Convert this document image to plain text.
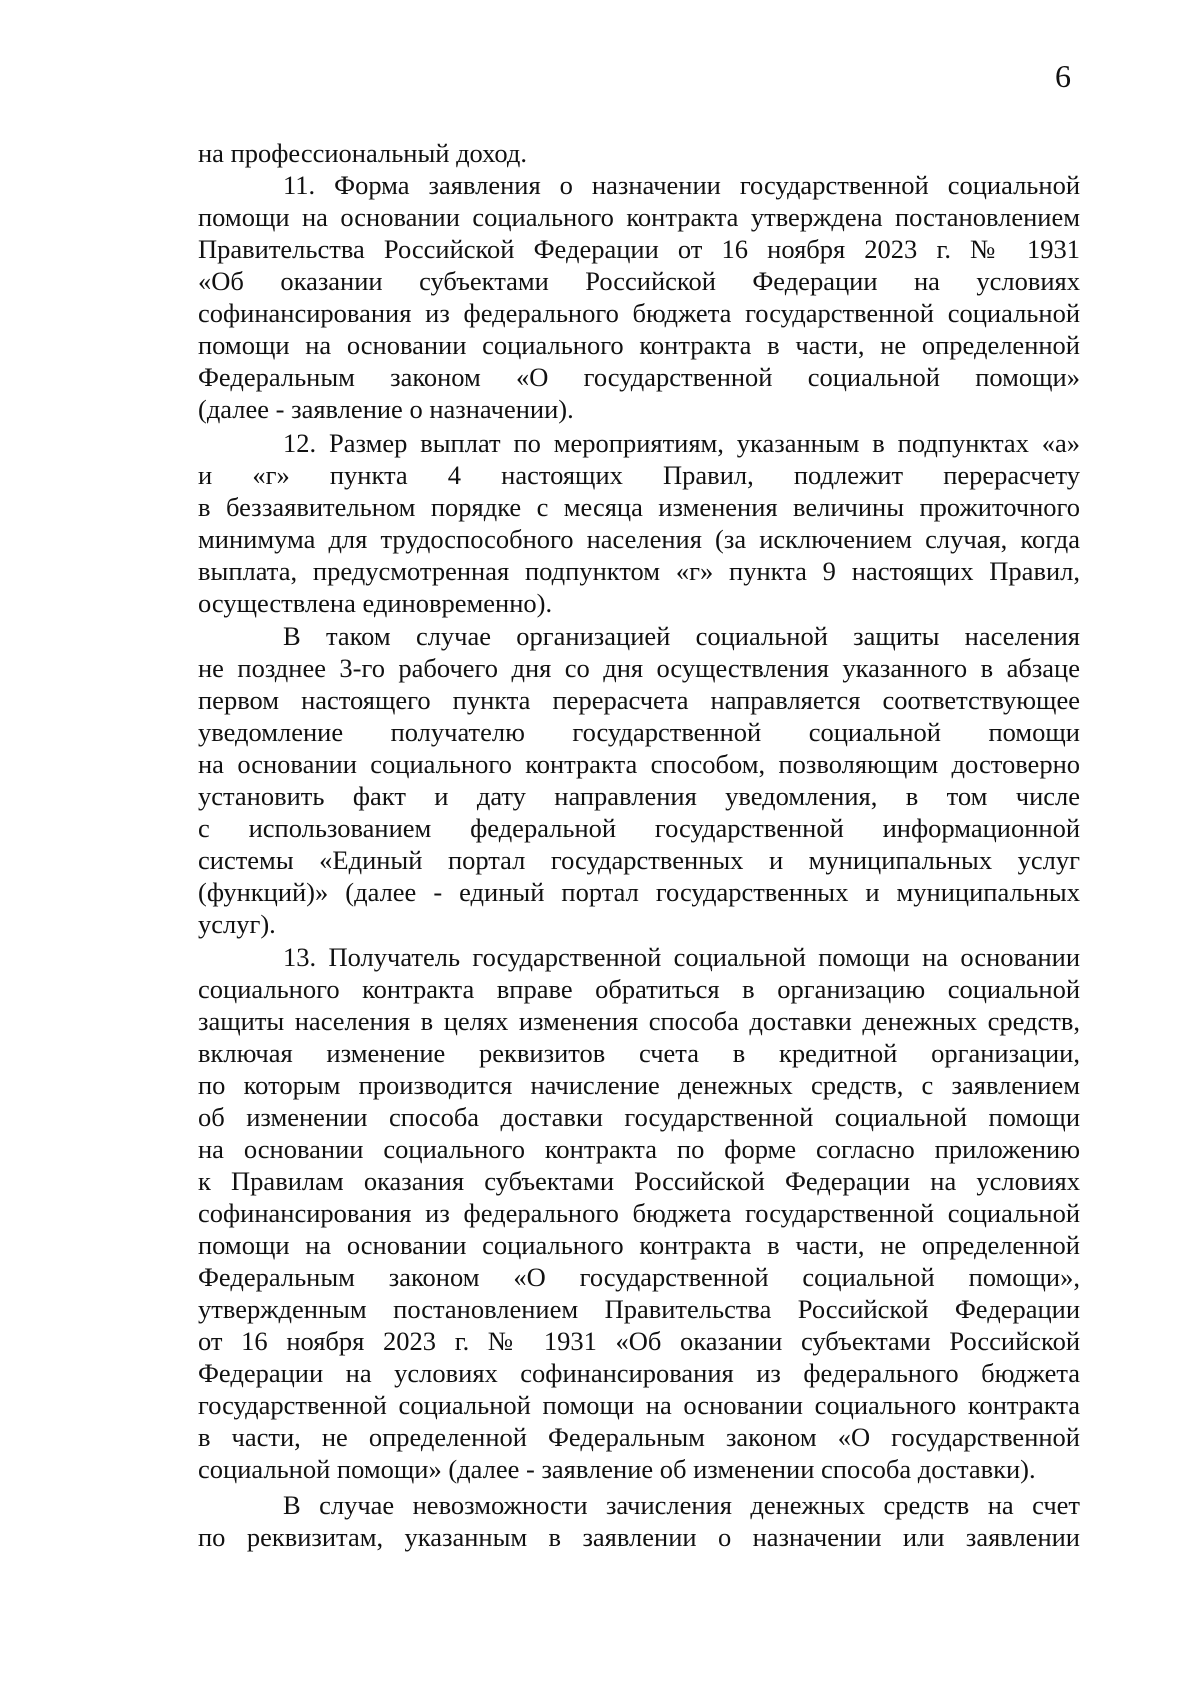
6
на профессиональный доход.
11. Форма заявления о назначении государственной социальной
помощи на основании социального контракта утверждена постановлением
Правительства Российской Федерации от 16 ноября 2023 г. № 1931
«Об оказании субъектами Российской Федерации на условиях
софинансирования из федерального бюджета государственной социальной
помощи на основании социального контракта в части, не определенной
Федеральным законом «О государственной социальной помощи»
(далее - заявление о назначении).
12. Размер выплат по мероприятиям, указанным в подпунктах «а»
и «г» пункта 4 настоящих Правил, подлежит перерасчету
в беззаявительном порядке с месяца изменения величины прожиточного
минимума для трудоспособного населения (за исключением случая, когда
выплата, предусмотренная подпунктом «г» пункта 9 настоящих Правил,
осуществлена единовременно).
В таком случае организацией социальной защиты населения
не позднее 3-го рабочего дня со дня осуществления указанного в абзаце
первом настоящего пункта перерасчета направляется соответствующее
уведомление получателю государственной социальной помощи
на основании социального контракта способом, позволяющим достоверно
установить факт и дату направления уведомления, в том числе
с использованием федеральной государственной информационной
системы «Единый портал государственных и муниципальных услуг
(функций)» (далее - единый портал государственных и муниципальных
услуг).
13. Получатель государственной социальной помощи на основании
социального контракта вправе обратиться в организацию социальной
защиты населения в целях изменения способа доставки денежных средств,
включая изменение реквизитов счета в кредитной организации,
по которым производится начисление денежных средств, с заявлением
об изменении способа доставки государственной социальной помощи
на основании социального контракта по форме согласно приложению
к Правилам оказания субъектами Российской Федерации на условиях
софинансирования из федерального бюджета государственной социальной
помощи на основании социального контракта в части, не определенной
Федеральным законом «О государственной социальной помощи»,
утвержденным постановлением Правительства Российской Федерации
от 16 ноября 2023 г. № 1931 «Об оказании субъектами Российской
Федерации на условиях софинансирования из федерального бюджета
государственной социальной помощи на основании социального контракта
в части, не определенной Федеральным законом «О государственной
социальной помощи» (далее - заявление об изменении способа доставки).
В случае невозможности зачисления денежных средств на счет
по реквизитам, указанным в заявлении о назначении или заявлении
